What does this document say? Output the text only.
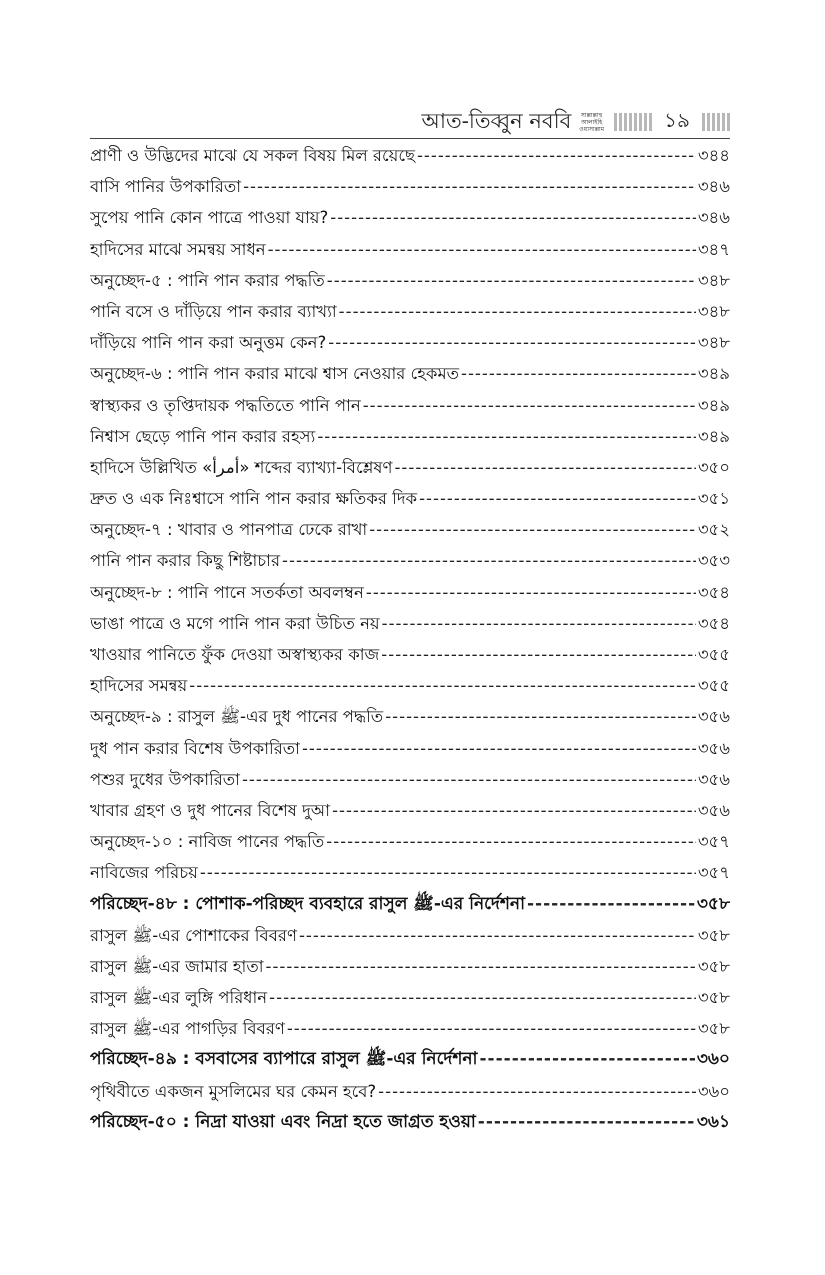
আত-তিব্বুন নববি সাল্লাল্লাহু
আলাইহি
ওয়াসাল্লাম	১৯
প্রাণী ও উদ্ভিদের মাঝে যে সকল বিষয় মিল রয়েছে -----	৩৪৪
বাসি পানির উপকারিতা -----	৩৪৬
সুপেয় পানি কোন পাত্রে পাওয়া যায়? -----	৩৪৬
হাদিসের মাঝে সমন্বয় সাধন -----	৩৪৭
অনুচ্ছেদ-৫ : পানি পান করার পদ্ধতি -----	৩৪৮
পানি বসে ও দাঁড়িয়ে পান করার ব্যাখ্যা -----	৩৪৮
দাঁড়িয়ে পানি পান করা অনুত্তম কেন? -----	৩৪৮
অনুচ্ছেদ-৬ : পানি পান করার মাঝে শ্বাস নেওয়ার হেকমত -----	৩৪৯
স্বাস্থ্যকর ও তৃপ্তিদায়ক পদ্ধতিতে পানি পান -----	৩৪৯
নিশ্বাস ছেড়ে পানি পান করার রহস্য -----	৩৪৯
হাদিসে উল্লিখিত «أمرأ» শব্দের ব্যাখ্যা-বিশ্লেষণ -----	৩৫০
দ্রুত ও এক নিঃশ্বাসে পানি পান করার ক্ষতিকর দিক -----	৩৫১
অনুচ্ছেদ-৭ : খাবার ও পানপাত্র ঢেকে রাখা -----	৩৫২
পানি পান করার কিছু শিষ্টাচার -----	৩৫৩
অনুচ্ছেদ-৮ : পানি পানে সতর্কতা অবলম্বন -----	৩৫৪
ভাঙা পাত্রে ও মগে পানি পান করা উচিত নয় -----	৩৫৪
খাওয়ার পানিতে ফুঁক দেওয়া অস্বাস্থ্যকর কাজ -----	৩৫৫
হাদিসের সমন্বয় -----	৩৫৫
অনুচ্ছেদ-৯ : রাসুল ﷺ-এর দুধ পানের পদ্ধতি -----	৩৫৬
দুধ পান করার বিশেষ উপকারিতা -----	৩৫৬
পশুর দুধের উপকারিতা -----	৩৫৬
খাবার গ্রহণ ও দুধ পানের বিশেষ দুআ -----	৩৫৬
অনুচ্ছেদ-১০ : নাবিজ পানের পদ্ধতি -----	৩৫৭
নাবিজের পরিচয় -----	৩৫৭
পরিচ্ছেদ-৪৮ : পোশাক-পরিচ্ছদ ব্যবহারে রাসুল ﷺ-এর নির্দেশনা -----	৩৫৮
রাসুল ﷺ-এর পোশাকের বিবরণ -----	৩৫৮
রাসুল ﷺ-এর জামার হাতা -----	৩৫৮
রাসুল ﷺ-এর লুঙ্গি পরিধান -----	৩৫৮
রাসুল ﷺ-এর পাগড়ির বিবরণ -----	৩৫৮
পরিচ্ছেদ-৪৯ : বসবাসের ব্যাপারে রাসুল ﷺ-এর নির্দেশনা -----	৩৬০
পৃথিবীতে একজন মুসলিমের ঘর কেমন হবে? -----	৩৬০
পরিচ্ছেদ-৫০ : নিদ্রা যাওয়া এবং নিদ্রা হতে জাগ্রত হওয়া -----	৩৬১
